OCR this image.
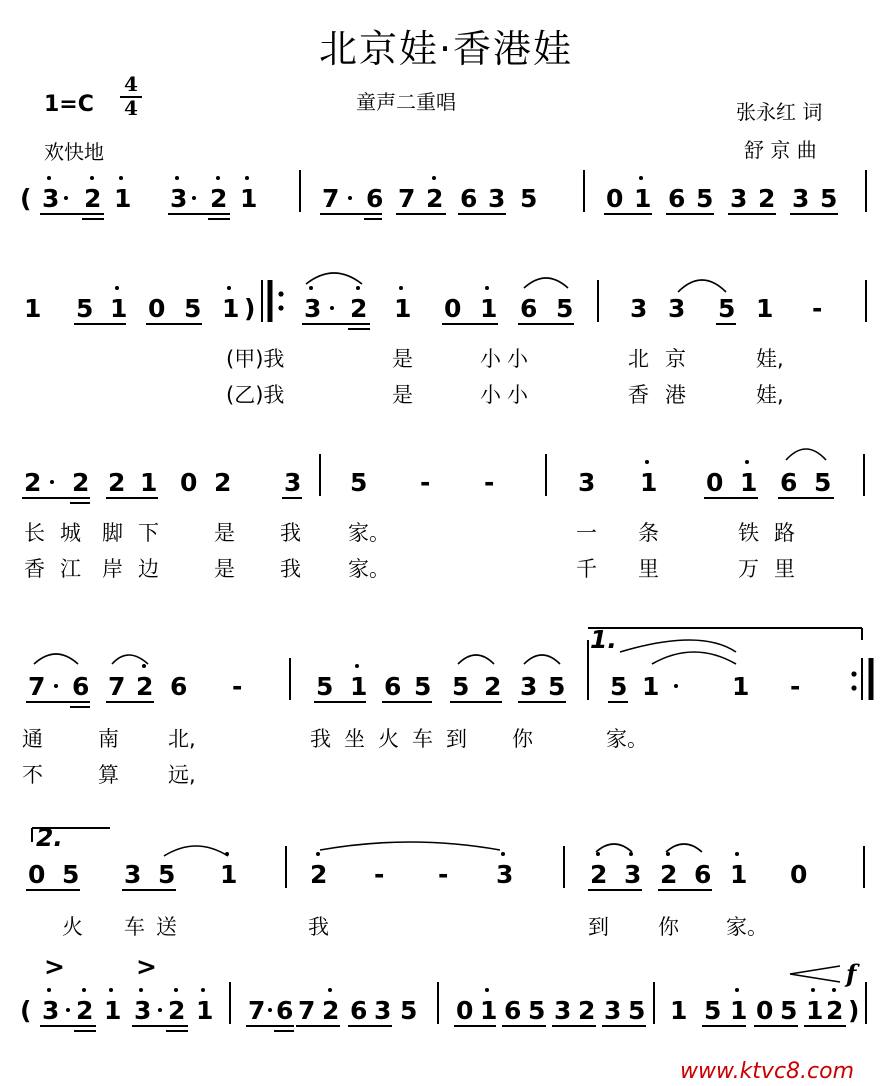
北京娃·香港娃
童声二重唱
1=C
4
4
欢快地
张永红 词
舒 京 曲
( 3 2 1 3 2 1	7 6 7 2 6 3 5	0 1 6 5 3 2 3 5
1 5 1 0 5 1 ) 3 2 1 0 1 6 5 3 3 5 1 -
(甲)我	是	小小	北京	娃,
(乙)我	是	小小	香港	娃,
2 2 2 1 0 2 3 5 - -	3 1 0 1 6 5
长 城 脚 下	是 我 家。	一 条	铁 路
香 江 岸 边	是 我 家。	千 里	万 里
7 6 7 2 6 -	5 1 6 5 5 2 3 5
1.
5 1	1 -
通	南 北,	我 坐 火 车 到 你	家。
不	算 远,
2.
0 5 3 5 1	2 - - 3	2 3 2 6 1 0
火 车 送	我	到 你 家。
(
>
3 2 1
>
3 2 1 7 6 7 2 6 3 5 0 1 6 5 3 2 3 5 1 5 1 0 5 1 2 )
f
www.ktvc8.com
